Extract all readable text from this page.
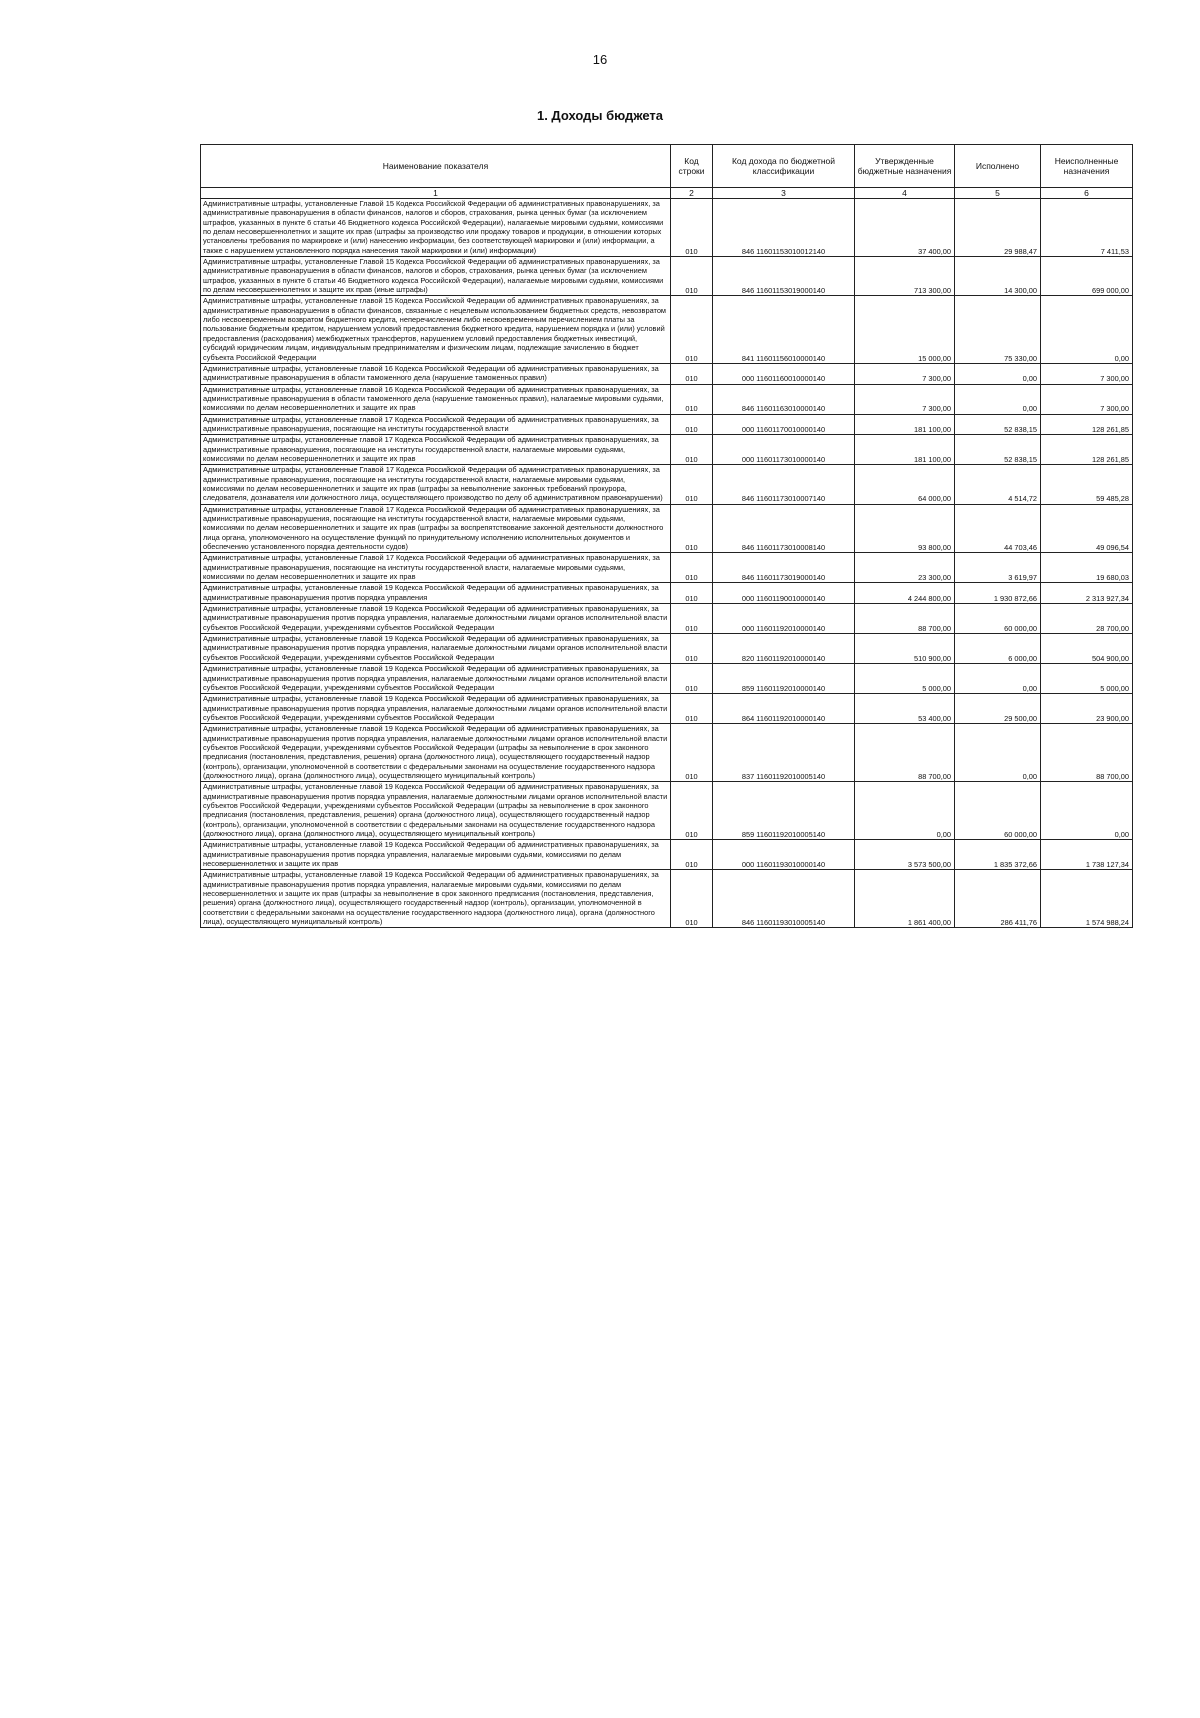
16
1. Доходы бюджета
Наименование показателя	Код строки	Код дохода по бюджетной классификации	Утвержденные бюджетные назначения	Исполнено	Неисполненные назначения
1	2	3	4	5	6
Административные штрафы, установленные Главой 15 Кодекса Российской Федерации об административных правонарушениях, за административные правонарушения в области финансов, налогов и сборов, страхования, рынка ценных бумаг (за исключением штрафов, указанных в пункте 6 статьи 46 Бюджетного кодекса Российской Федерации), налагаемые мировыми судьями, комиссиями по делам несовершеннолетних и защите их прав (штрафы за производство или продажу товаров и продукции, в отношении которых установлены требования по маркировке и (или) нанесению информации, без соответствующей маркировки и (или) информации, а также с нарушением установленного порядка нанесения такой маркировки и (или) информации)	010	846 11601153010012140	37 400,00	29 988,47	7 411,53
Административные штрафы, установленные Главой 15 Кодекса Российской Федерации об административных правонарушениях, за административные правонарушения в области финансов, налогов и сборов, страхования, рынка ценных бумаг (за исключением штрафов, указанных в пункте 6 статьи 46 Бюджетного кодекса Российской Федерации), налагаемые мировыми судьями, комиссиями по делам несовершеннолетних и защите их прав (иные штрафы)	010	846 11601153019000140	713 300,00	14 300,00	699 000,00
Административные штрафы, установленные главой 15 Кодекса Российской Федерации об административных правонарушениях, за административные правонарушения в области финансов, связанные с нецелевым использованием бюджетных средств, невозвратом либо несвоевременным возвратом бюджетного кредита, неперечислением либо несвоевременным перечислением платы за пользование бюджетным кредитом, нарушением условий предоставления бюджетного кредита, нарушением порядка и (или) условий предоставления (расходования) межбюджетных трансфертов, нарушением условий предоставления бюджетных инвестиций, субсидий юридическим лицам, индивидуальным предпринимателям и физическим лицам, подлежащие зачислению в бюджет субъекта Российской Федерации	010	841 11601156010000140	15 000,00	75 330,00	0,00
Административные штрафы, установленные главой 16 Кодекса Российской Федерации об административных правонарушениях, за административные правонарушения в области таможенного дела (нарушение таможенных правил)	010	000 11601160010000140	7 300,00	0,00	7 300,00
Административные штрафы, установленные главой 16 Кодекса Российской Федерации об административных правонарушениях, за административные правонарушения в области таможенного дела (нарушение таможенных правил), налагаемые мировыми судьями, комиссиями по делам несовершеннолетних и защите их прав	010	846 11601163010000140	7 300,00	0,00	7 300,00
Административные штрафы, установленные главой 17 Кодекса Российской Федерации об административных правонарушениях, за административные правонарушения, посягающие на институты государственной власти	010	000 11601170010000140	181 100,00	52 838,15	128 261,85
Административные штрафы, установленные главой 17 Кодекса Российской Федерации об административных правонарушениях, за административные правонарушения, посягающие на институты государственной власти, налагаемые мировыми судьями, комиссиями по делам несовершеннолетних и защите их прав	010	000 11601173010000140	181 100,00	52 838,15	128 261,85
Административные штрафы, установленные Главой 17 Кодекса Российской Федерации об административных правонарушениях, за административные правонарушения, посягающие на институты государственной власти, налагаемые мировыми судьями, комиссиями по делам несовершеннолетних и защите их прав (штрафы за невыполнение законных требований прокурора, следователя, дознавателя или должностного лица, осуществляющего производство по делу об административном правонарушении)	010	846 11601173010007140	64 000,00	4 514,72	59 485,28
Административные штрафы, установленные Главой 17 Кодекса Российской Федерации об административных правонарушениях, за административные правонарушения, посягающие на институты государственной власти, налагаемые мировыми судьями, комиссиями по делам несовершеннолетних и защите их прав (штрафы за воспрепятствование законной деятельности должностного лица органа, уполномоченного на осуществление функций по принудительному исполнению исполнительных документов и обеспечению установленного порядка деятельности судов)	010	846 11601173010008140	93 800,00	44 703,46	49 096,54
Административные штрафы, установленные Главой 17 Кодекса Российской Федерации об административных правонарушениях, за административные правонарушения, посягающие на институты государственной власти, налагаемые мировыми судьями, комиссиями по делам несовершеннолетних и защите их прав	010	846 11601173019000140	23 300,00	3 619,97	19 680,03
Административные штрафы, установленные главой 19 Кодекса Российской Федерации об административных правонарушениях, за административные правонарушения против порядка управления	010	000 11601190010000140	4 244 800,00	1 930 872,66	2 313 927,34
Административные штрафы, установленные главой 19 Кодекса Российской Федерации об административных правонарушениях, за административные правонарушения против порядка управления, налагаемые должностными лицами органов исполнительной власти субъектов Российской Федерации, учреждениями субъектов Российской Федерации	010	000 11601192010000140	88 700,00	60 000,00	28 700,00
Административные штрафы, установленные главой 19 Кодекса Российской Федерации об административных правонарушениях, за административные правонарушения против порядка управления, налагаемые должностными лицами органов исполнительной власти субъектов Российской Федерации, учреждениями субъектов Российской Федерации	010	820 11601192010000140	510 900,00	6 000,00	504 900,00
Административные штрафы, установленные главой 19 Кодекса Российской Федерации об административных правонарушениях, за административные правонарушения против порядка управления, налагаемые должностными лицами органов исполнительной власти субъектов Российской Федерации, учреждениями субъектов Российской Федерации	010	859 11601192010000140	5 000,00	0,00	5 000,00
Административные штрафы, установленные главой 19 Кодекса Российской Федерации об административных правонарушениях, за административные правонарушения против порядка управления, налагаемые должностными лицами органов исполнительной власти субъектов Российской Федерации, учреждениями субъектов Российской Федерации	010	864 11601192010000140	53 400,00	29 500,00	23 900,00
Административные штрафы, установленные главой 19 Кодекса Российской Федерации об административных правонарушениях, за административные правонарушения против порядка управления, налагаемые должностными лицами органов исполнительной власти субъектов Российской Федерации, учреждениями субъектов Российской Федерации (штрафы за невыполнение в срок законного предписания (постановления, представления, решения) органа (должностного лица), осуществляющего государственный надзор (контроль), организации, уполномоченной в соответствии с федеральными законами на осуществление государственного надзора (должностного лица), органа (должностного лица), осуществляющего муниципальный контроль)	010	837 11601192010005140	88 700,00	0,00	88 700,00
Административные штрафы, установленные главой 19 Кодекса Российской Федерации об административных правонарушениях, за административные правонарушения против порядка управления, налагаемые должностными лицами органов исполнительной власти субъектов Российской Федерации, учреждениями субъектов Российской Федерации (штрафы за невыполнение в срок законного предписания (постановления, представления, решения) органа (должностного лица), осуществляющего государственный надзор (контроль), организации, уполномоченной в соответствии с федеральными законами на осуществление государственного надзора (должностного лица), органа (должностного лица), осуществляющего муниципальный контроль)	010	859 11601192010005140	0,00	60 000,00	0,00
Административные штрафы, установленные главой 19 Кодекса Российской Федерации об административных правонарушениях, за административные правонарушения против порядка управления, налагаемые мировыми судьями, комиссиями по делам несовершеннолетних и защите их прав	010	000 11601193010000140	3 573 500,00	1 835 372,66	1 738 127,34
Административные штрафы, установленные главой 19 Кодекса Российской Федерации об административных правонарушениях, за административные правонарушения против порядка управления, налагаемые мировыми судьями, комиссиями по делам несовершеннолетних и защите их прав (штрафы за невыполнение в срок законного предписания (постановления, представления, решения) органа (должностного лица), осуществляющего государственный надзор (контроль), организации, уполномоченной в соответствии с федеральными законами на осуществление государственного надзора (должностного лица), органа (должностного лица), осуществляющего муниципальный контроль)	010	846 11601193010005140	1 861 400,00	286 411,76	1 574 988,24
